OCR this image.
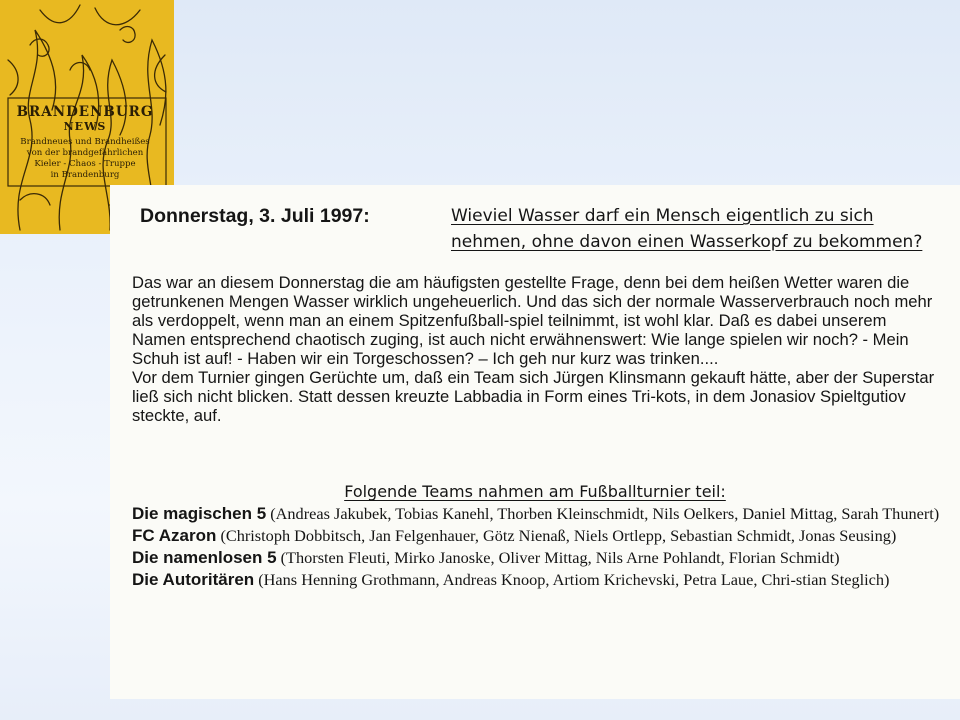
BRANDENBURG
NEWS
Brandneues und Brandheißes
von der brandgefährlichen
Kieler - Chaos - Truppe
in Brandenburg
Donnerstag, 3. Juli 1997:	Wieviel Wasser darf ein Mensch eigentlich zu sich
nehmen, ohne davon einen Wasserkopf zu bekommen?

Das war an diesem Donnerstag die am häufigsten gestellte Frage, denn bei dem heißen Wetter waren die getrunkenen Mengen Wasser wirklich ungeheuerlich. Und das sich der normale Wasserverbrauch noch mehr als verdoppelt, wenn man an einem Spitzenfußball-spiel teilnimmt, ist wohl klar. Daß es dabei unserem Namen entsprechend chaotisch zuging, ist auch nicht erwähnenswert: Wie lange spielen wir noch? - Mein Schuh ist auf! - Haben wir ein Torgeschossen? – Ich geh nur kurz was trinken....
Vor dem Turnier gingen Gerüchte um, daß ein Team sich Jürgen Klinsmann gekauft hätte, aber der Superstar ließ sich nicht blicken. Statt dessen kreuzte Labbadia in Form eines Tri-kots, in dem Jonasiov Spieltgutiov steckte, auf.

Folgende Teams nahmen am Fußballturnier teil:
Die magischen 5 (Andreas Jakubek, Tobias Kanehl, Thorben Kleinschmidt, Nils Oelkers, Daniel Mittag, Sarah Thunert)
FC Azaron (Christoph Dobbitsch, Jan Felgenhauer, Götz Nienaß, Niels Ortlepp, Sebastian Schmidt, Jonas Seusing)
Die namenlosen 5 (Thorsten Fleuti, Mirko Janoske, Oliver Mittag, Nils Arne Pohlandt, Florian Schmidt)
Die Autoritären (Hans Henning Grothmann, Andreas Knoop, Artiom Krichevski, Petra Laue, Chri-stian Steglich)
